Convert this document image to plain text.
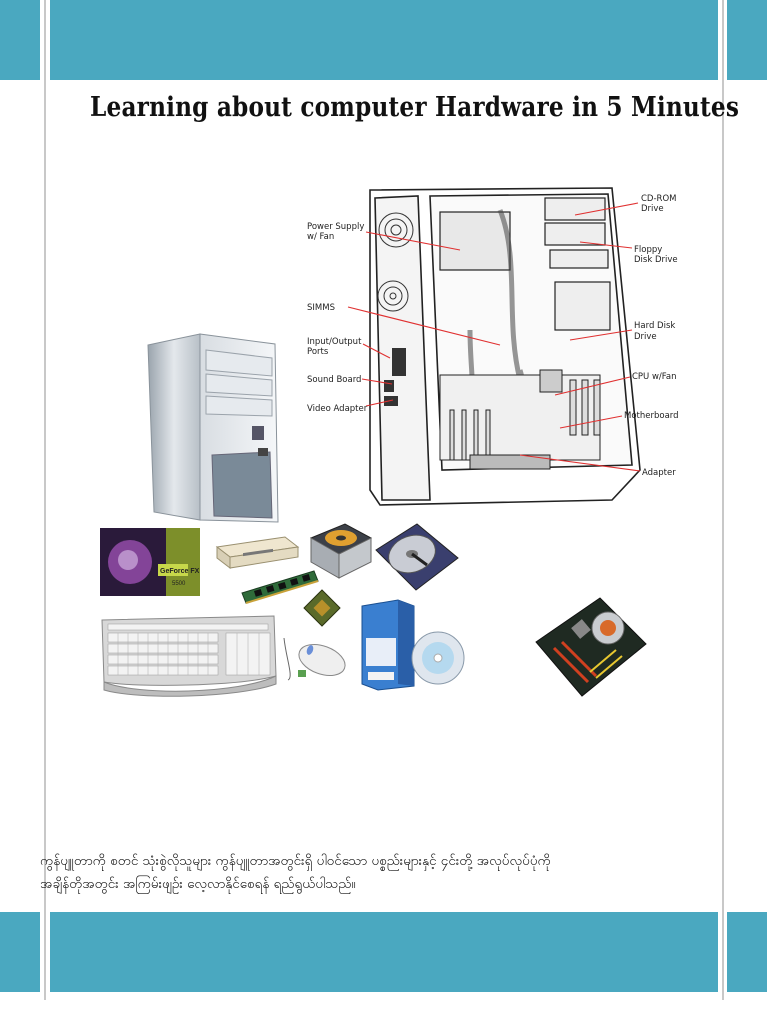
Learning about computer Hardware in 5 Minutes
Power Supply
w/ Fan
SIMMS
Input/Output
Ports
Sound Board
Video Adapter
CD-ROM
Drive
Floppy
Disk Drive
Hard Disk
Drive
CPU w/Fan
Motherboard
Adapter
GeForce FX
5500
ကွန်ပျူတာကို စတင် သုံးစွဲလိုသူများ ကွန်ပျူတာအတွင်းရှိ ပါဝင်သော ပစ္စည်းများနှင့် ၄င်းတို့ အလုပ်လုပ်ပုံကို
အချိန်တိုအတွင်း အကြမ်းဖျဉ်း လေ့လာနိုင်စေရန် ရည်ရွယ်ပါသည်။
